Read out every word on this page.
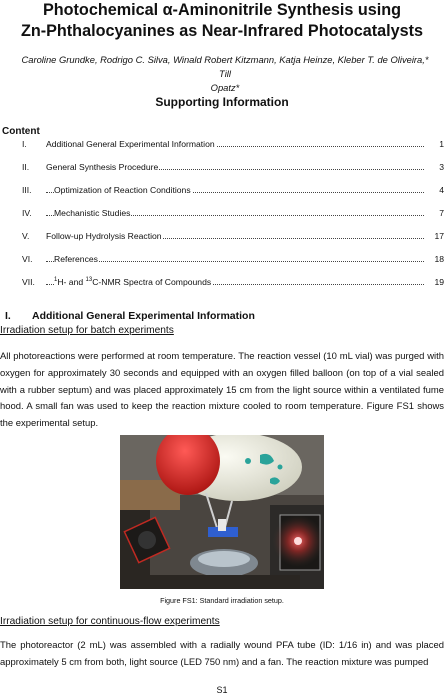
Photochemical α-Aminonitrile Synthesis using
Zn-Phthalocyanines as Near-Infrared Photocatalysts
Caroline Grundke, Rodrigo C. Silva, Winald Robert Kitzmann, Katja Heinze, Kleber T. de Oliveira,* Till
Opatz*
Supporting Information
Content
I. Additional General Experimental Information	1
II. General Synthesis Procedure	3
III.	Optimization of Reaction Conditions	4
IV.	Mechanistic Studies	7
V. Follow-up Hydrolysis Reaction	17
VI. References	18
VII.	$^1$H- and $^{13}$C-NMR Spectra of Compounds	19
I. Additional General Experimental Information
Irradiation setup for batch experiments
All photoreactions were performed at room temperature. The reaction vessel (10 mL vial) was purged with oxygen for approximately 30 seconds and equipped with an oxygen filled balloon (on top of a vial sealed with a rubber septum) and was placed approximately 15 cm from the light source within a ventilated fume hood. A small fan was used to keep the reaction mixture cooled to room temperature. Figure FS1 shows the experimental setup.
Figure FS1: Standard irradiation setup.
Irradiation setup for continuous-flow experiments
The photoreactor (2 mL) was assembled with a radially wound PFA tube (ID: 1/16 in) and was placed approximately 5 cm from both, light source (LED 750 nm) and a fan. The reaction mixture was pumped
S1
